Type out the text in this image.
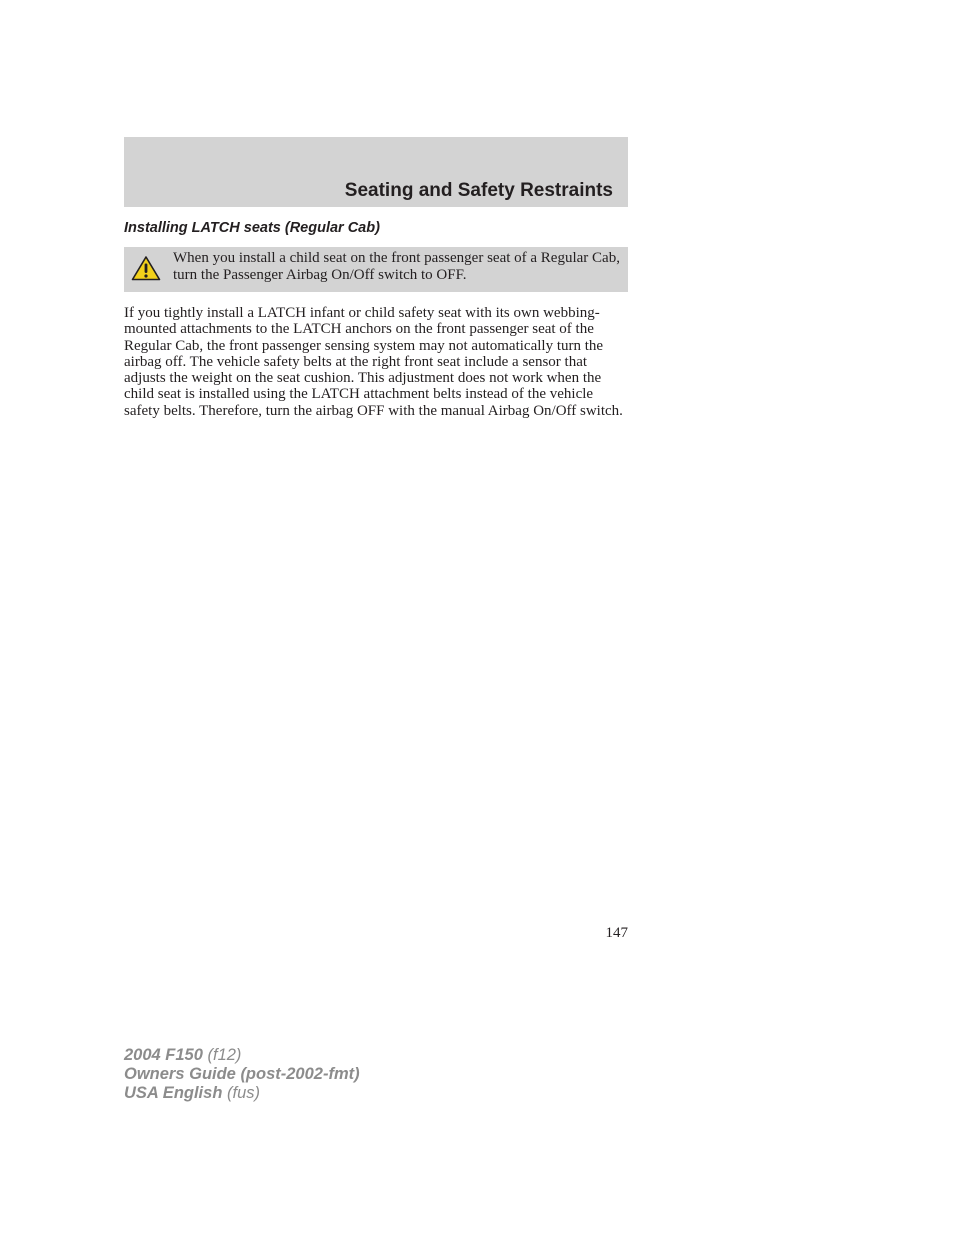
Seating and Safety Restraints
Installing LATCH seats (Regular Cab)

When you install a child seat on the front passenger seat of a Regular Cab, turn the Passenger Airbag On/Off switch to OFF.

If you tightly install a LATCH infant or child safety seat with its own webbing-mounted attachments to the LATCH anchors on the front passenger seat of the Regular Cab, the front passenger sensing system may not automatically turn the airbag off. The vehicle safety belts at the right front seat include a sensor that adjusts the weight on the seat cushion. This adjustment does not work when the child seat is installed using the LATCH attachment belts instead of the vehicle safety belts. Therefore, turn the airbag OFF with the manual Airbag On/Off switch.

147
2004 F150 (f12)
Owners Guide (post-2002-fmt)
USA English (fus)
